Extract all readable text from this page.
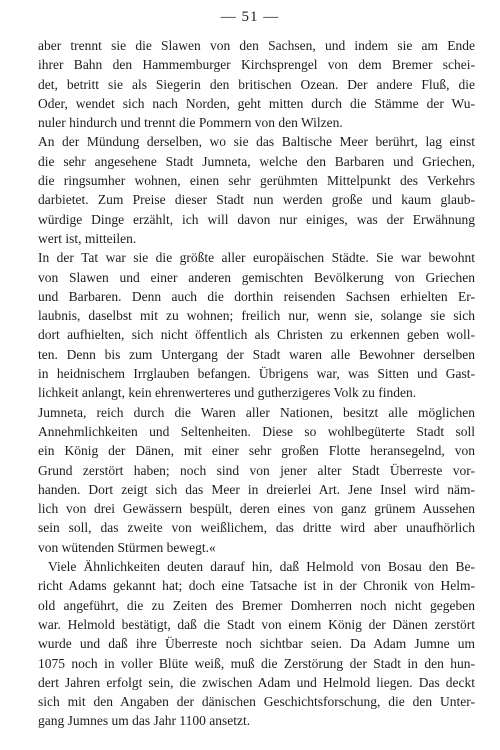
— 51 —
aber trennt sie die Slawen von den Sachsen, und indem sie am Ende
ihrer Bahn den Hammemburger Kirchsprengel von dem Bremer schei-
det, betritt sie als Siegerin den britischen Ozean. Der andere Fluß, die
Oder, wendet sich nach Norden, geht mitten durch die Stämme der Wu-
nuler hindurch und trennt die Pommern von den Wilzen.
An der Mündung derselben, wo sie das Baltische Meer berührt, lag einst
die sehr angesehene Stadt Jumneta, welche den Barbaren und Griechen,
die ringsumher wohnen, einen sehr gerühmten Mittelpunkt des Verkehrs
darbietet. Zum Preise dieser Stadt nun werden große und kaum glaub-
würdige Dinge erzählt, ich will davon nur einiges, was der Erwähnung
wert ist, mitteilen.
In der Tat war sie die größte aller europäischen Städte. Sie war bewohnt
von Slawen und einer anderen gemischten Bevölkerung von Griechen
und Barbaren. Denn auch die dorthin reisenden Sachsen erhielten Er-
laubnis, daselbst mit zu wohnen; freilich nur, wenn sie, solange sie sich
dort aufhielten, sich nicht öffentlich als Christen zu erkennen geben woll-
ten. Denn bis zum Untergang der Stadt waren alle Bewohner derselben
in heidnischem Irrglauben befangen. Übrigens war, was Sitten und Gast-
lichkeit anlangt, kein ehrenwerteres und gutherzigeres Volk zu finden.
Jumneta, reich durch die Waren aller Nationen, besitzt alle möglichen
Annehmlichkeiten und Seltenheiten. Diese so wohlbegüterte Stadt soll
ein König der Dänen, mit einer sehr großen Flotte heransegelnd, von
Grund zerstört haben; noch sind von jener alter Stadt Überreste vor-
handen. Dort zeigt sich das Meer in dreierlei Art. Jene Insel wird näm-
lich von drei Gewässern bespült, deren eines von ganz grünem Aussehen
sein soll, das zweite von weißlichem, das dritte wird aber unaufhörlich
von wütenden Stürmen bewegt.«
Viele Ähnlichkeiten deuten darauf hin, daß Helmold von Bosau den Be-
richt Adams gekannt hat; doch eine Tatsache ist in der Chronik von Helm-
old angeführt, die zu Zeiten des Bremer Domherren noch nicht gegeben
war. Helmold bestätigt, daß die Stadt von einem König der Dänen zerstört
wurde und daß ihre Überreste noch sichtbar seien. Da Adam Jumne um
1075 noch in voller Blüte weiß, muß die Zerstörung der Stadt in den hun-
dert Jahren erfolgt sein, die zwischen Adam und Helmold liegen. Das deckt
sich mit den Angaben der dänischen Geschichtsforschung, die den Unter-
gang Jumnes um das Jahr 1100 ansetzt.
